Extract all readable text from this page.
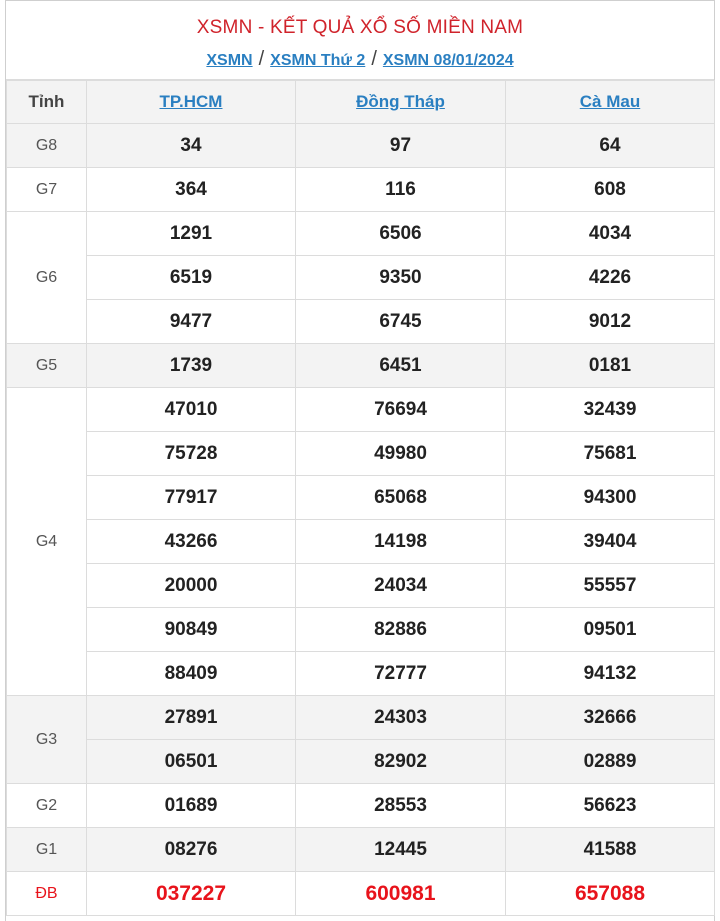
XSMN - KẾT QUẢ XỔ SỐ MIỀN NAM
XSMN / XSMN Thứ 2 / XSMN 08/01/2024
Tỉnh	TP.HCM	Đồng Tháp	Cà Mau
G8	34	97	64
G7	364	116	608
G6	1291	6506	4034
	6519	9350	4226
	9477	6745	9012
G5	1739	6451	0181
G4	47010	76694	32439
	75728	49980	75681
	77917	65068	94300
	43266	14198	39404
	20000	24034	55557
	90849	82886	09501
	88409	72777	94132
G3	27891	24303	32666
	06501	82902	02889
G2	01689	28553	56623
G1	08276	12445	41588
ĐB	037227	600981	657088
